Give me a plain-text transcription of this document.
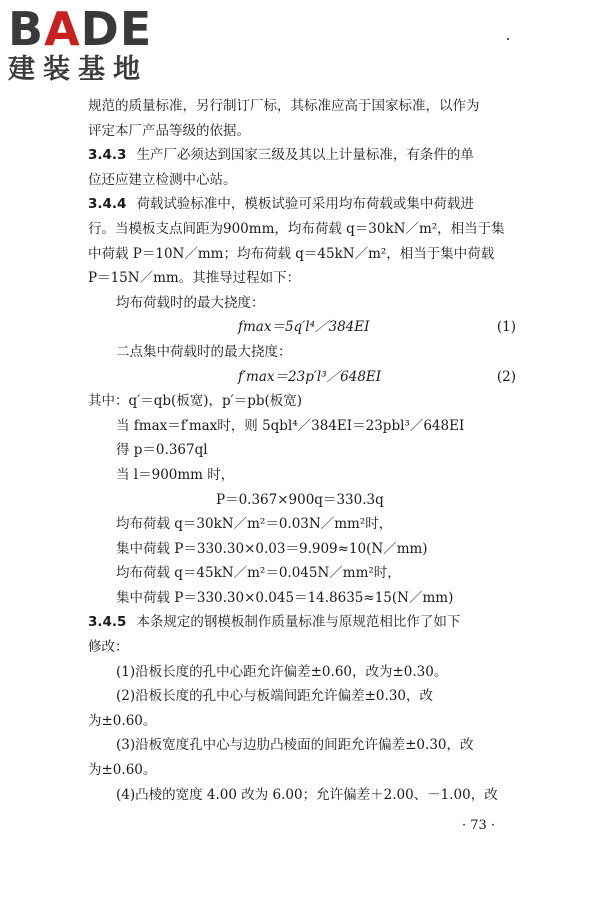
BADE
建装基地

规范的质量标准，另行制订厂标，其标准应高于国家标准，以作为

评定本厂产品等级的依据。

3.4.3 生产厂必须达到国家三级及其以上计量标准，有条件的单

位还应建立检测中心站。

3.4.4 荷载试验标准中，模板试验可采用均布荷载或集中荷载进

行。当模板支点间距为900mm，均布荷载 q＝30kN／m²，相当于集

中荷载 P＝10N／mm；均布荷载 q＝45kN／m²，相当于集中荷载

P＝15N／mm。其推导过程如下：

均布荷载时的最大挠度：

fmax＝5q′l⁴／384EI	(1)

二点集中荷载时的最大挠度：

f′max＝23p′l³／648EI	(2)

其中：q′＝qb(板宽)，p′＝pb(板宽)

当 fmax＝f′max时，则 5qbl⁴／384EI＝23pbl³／648EI

得 p＝0.367ql

当 l＝900mm 时，

P＝0.367×900q＝330.3q

均布荷载 q＝30kN／m²＝0.03N／mm²时，

集中荷载 P＝330.30×0.03＝9.909≈10(N／mm)

均布荷载 q＝45kN／m²＝0.045N／mm²时，

集中荷载 P＝330.30×0.045＝14.8635≈15(N／mm)

3.4.5 本条规定的钢模板制作质量标准与原规范相比作了如下

修改：

(1)沿板长度的孔中心距允许偏差±0.60，改为±0.30。

(2)沿板长度的孔中心与板端间距允许偏差±0.30，改

为±0.60。

(3)沿板宽度孔中心与边肋凸棱面的间距允许偏差±0.30，改

为±0.60。

(4)凸棱的宽度 4.00 改为 6.00；允许偏差＋2.00、－1.00，改

· 73 ·
